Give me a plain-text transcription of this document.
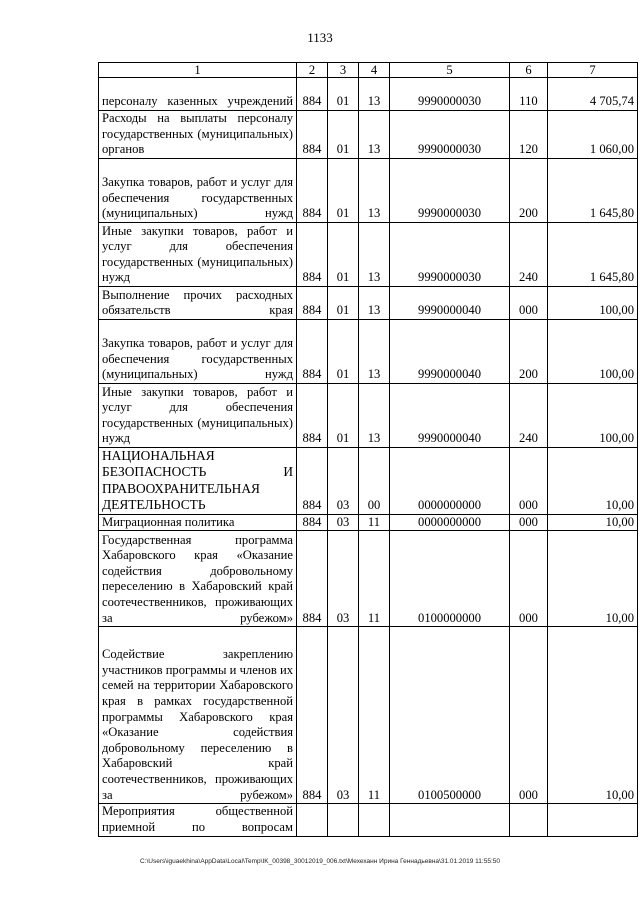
1133
1	2	3	4	5	6	7
персоналу казенных учреждений	884	01	13	9990000030	110	4 705,74
Расходы на выплаты персоналу государственных (муниципальных) органов	884	01	13	9990000030	120	1 060,00
Закупка товаров, работ и услуг для обеспечения государственных (муниципальных) нужд	884	01	13	9990000030	200	1 645,80
Иные закупки товаров, работ и услуг для обеспечения государственных (муниципальных) нужд	884	01	13	9990000030	240	1 645,80
Выполнение прочих расходных обязательств края	884	01	13	9990000040	000	100,00
Закупка товаров, работ и услуг для обеспечения государственных (муниципальных) нужд	884	01	13	9990000040	200	100,00
Иные закупки товаров, работ и услуг для обеспечения государственных (муниципальных) нужд	884	01	13	9990000040	240	100,00
НАЦИОНАЛЬНАЯ БЕЗОПАСНОСТЬ И ПРАВООХРАНИТЕЛЬНАЯ ДЕЯТЕЛЬНОСТЬ	884	03	00	0000000000	000	10,00
Миграционная политика	884	03	11	0000000000	000	10,00
Государственная программа Хабаровского края «Оказание содействия добровольному переселению в Хабаровский край соотечественников, проживающих за рубежом»	884	03	11	0100000000	000	10,00
Содействие закреплению участников программы и членов их семей на территории Хабаровского края в рамках государственной программы Хабаровского края «Оказание содействия добровольному переселению в Хабаровский край соотечественников, проживающих за рубежом»	884	03	11	0100500000	000	10,00
Мероприятия общественной приемной по вопросам						
C:\Users\iguaekhina\AppData\Local\Temp\IK_00398_30012019_006.txt\Мехеханн Ирина Геннадьевна\31.01.2019 11:55:50
